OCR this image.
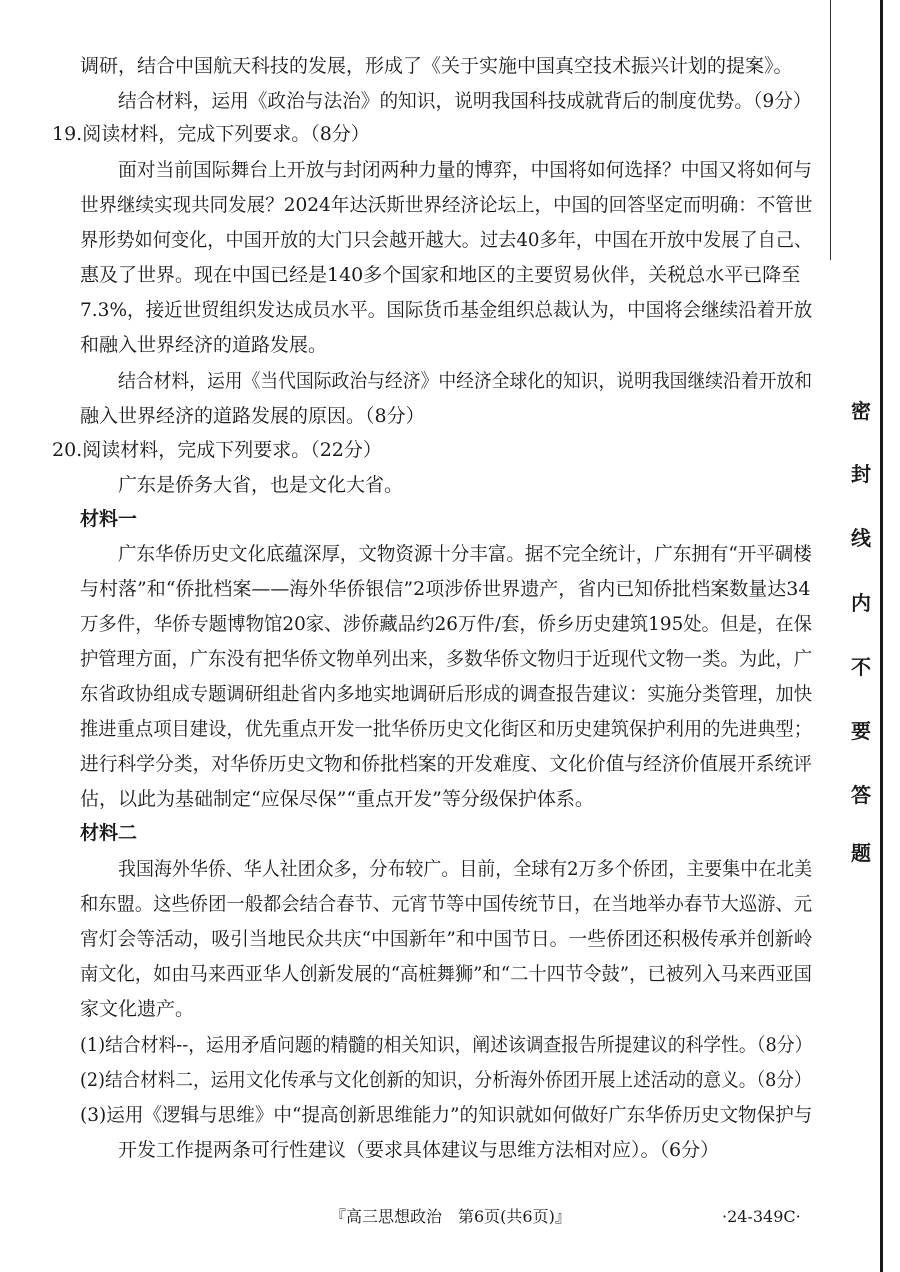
调研，结合中国航天科技的发展，形成了《关于实施中国真空技术振兴计划的提案》。
结合材料，运用《政治与法治》的知识，说明我国科技成就背后的制度优势。（9分）
19.阅读材料，完成下列要求。（8分）
面对当前国际舞台上开放与封闭两种力量的博弈，中国将如何选择？中国又将如何与
世界继续实现共同发展？2024年达沃斯世界经济论坛上，中国的回答坚定而明确：不管世
界形势如何变化，中国开放的大门只会越开越大。过去40多年，中国在开放中发展了自己、
惠及了世界。现在中国已经是140多个国家和地区的主要贸易伙伴，关税总水平已降至
7.3%，接近世贸组织发达成员水平。国际货币基金组织总裁认为，中国将会继续沿着开放
和融入世界经济的道路发展。
结合材料，运用《当代国际政治与经济》中经济全球化的知识，说明我国继续沿着开放和
融入世界经济的道路发展的原因。（8分）
20.阅读材料，完成下列要求。（22分）
广东是侨务大省，也是文化大省。
材料一
广东华侨历史文化底蕴深厚，文物资源十分丰富。据不完全统计，广东拥有“开平碉楼
与村落”和“侨批档案——海外华侨银信”2项涉侨世界遗产，省内已知侨批档案数量达34
万多件，华侨专题博物馆20家、涉侨藏品约26万件/套，侨乡历史建筑195处。但是，在保
护管理方面，广东没有把华侨文物单列出来，多数华侨文物归于近现代文物一类。为此，广
东省政协组成专题调研组赴省内多地实地调研后形成的调查报告建议：实施分类管理，加快
推进重点项目建设，优先重点开发一批华侨历史文化街区和历史建筑保护利用的先进典型；
进行科学分类，对华侨历史文物和侨批档案的开发难度、文化价值与经济价值展开系统评
估，以此为基础制定“应保尽保”“重点开发”等分级保护体系。
材料二
我国海外华侨、华人社团众多，分布较广。目前，全球有2万多个侨团，主要集中在北美
和东盟。这些侨团一般都会结合春节、元宵节等中国传统节日，在当地举办春节大巡游、元
宵灯会等活动，吸引当地民众共庆“中国新年”和中国节日。一些侨团还积极传承并创新岭
南文化，如由马来西亚华人创新发展的“高桩舞狮”和“二十四节令鼓”，已被列入马来西亚国
家文化遗产。
(1)结合材料--，运用矛盾问题的精髓的相关知识，阐述该调查报告所提建议的科学性。（8分）
(2)结合材料二，运用文化传承与文化创新的知识，分析海外侨团开展上述活动的意义。（8分）
(3)运用《逻辑与思维》中“提高创新思维能力”的知识就如何做好广东华侨历史文物保护与
开发工作提两条可行性建议（要求具体建议与思维方法相对应）。（6分）
密
封
线
内
不
要
答
题
『高三思想政治　第6页(共6页)』	·24-349C·
